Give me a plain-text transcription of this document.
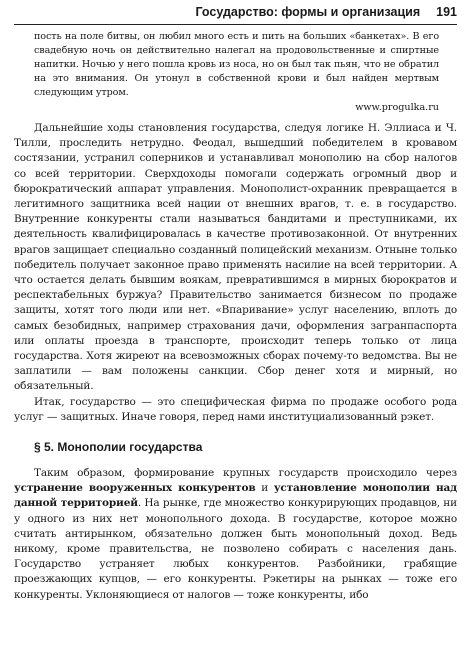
Государство: формы и организация 191

пость на поле битвы, он любил много есть и пить на больших «банкетах». В его свадебную ночь он действительно налегал на продовольственные и спиртные напитки. Ночью у него пошла кровь из носа, но он был так пьян, что не обратил на это внимания. Он утонул в собственной крови и был найден мертвым следующим утром.

www.progulka.ru

Дальнейшие ходы становления государства, следуя логике Н. Эллиаса и Ч. Тилли, проследить нетрудно. Феодал, вышедший победителем в кровавом состязании, устранил соперников и устанавливал монополию на сбор налогов со всей территории. Сверхдоходы помогали содержать огромный двор и бюрократический аппарат управления. Монополист-охранник превращается в легитимного защитника всей нации от внешних врагов, т. е. в государство. Внутренние конкуренты стали называться бандитами и преступниками, их деятельность квалифицировалась в качестве противозаконной. От внутренних врагов защищает специально созданный полицейский механизм. Отныне только победитель получает законное право применять насилие на всей территории. А что остается делать бывшим воякам, превратившимся в мирных бюрократов и респектабельных буржуа? Правительство занимается бизнесом по продаже защиты, хотят того люди или нет. «Впаривание» услуг населению, вплоть до самых безобидных, например страхования дачи, оформления загранпаспорта или оплаты проезда в транспорте, происходит теперь только от лица государства. Хотя жиреют на всевозможных сборах почему-то ведомства. Вы не заплатили — вам положены санкции. Сбор денег хотя и мирный, но обязательный.

Итак, государство — это специфическая фирма по продаже особого рода услуг — защитных. Иначе говоря, перед нами институциализованный рэкет.

§ 5. Монополии государства

Таким образом, формирование крупных государств происходило через устранение вооруженных конкурентов и установление монополии над данной территорией. На рынке, где множество конкурирующих продавцов, ни у одного из них нет монопольного дохода. В государстве, которое можно считать антирынком, обязательно должен быть монопольный доход. Ведь никому, кроме правительства, не позволено собирать с населения дань. Государство устраняет любых конкурентов. Разбойники, грабящие проезжающих купцов, — его конкуренты. Рэкетиры на рынках — тоже его конкуренты. Уклоняющиеся от налогов — тоже конкуренты, ибо
